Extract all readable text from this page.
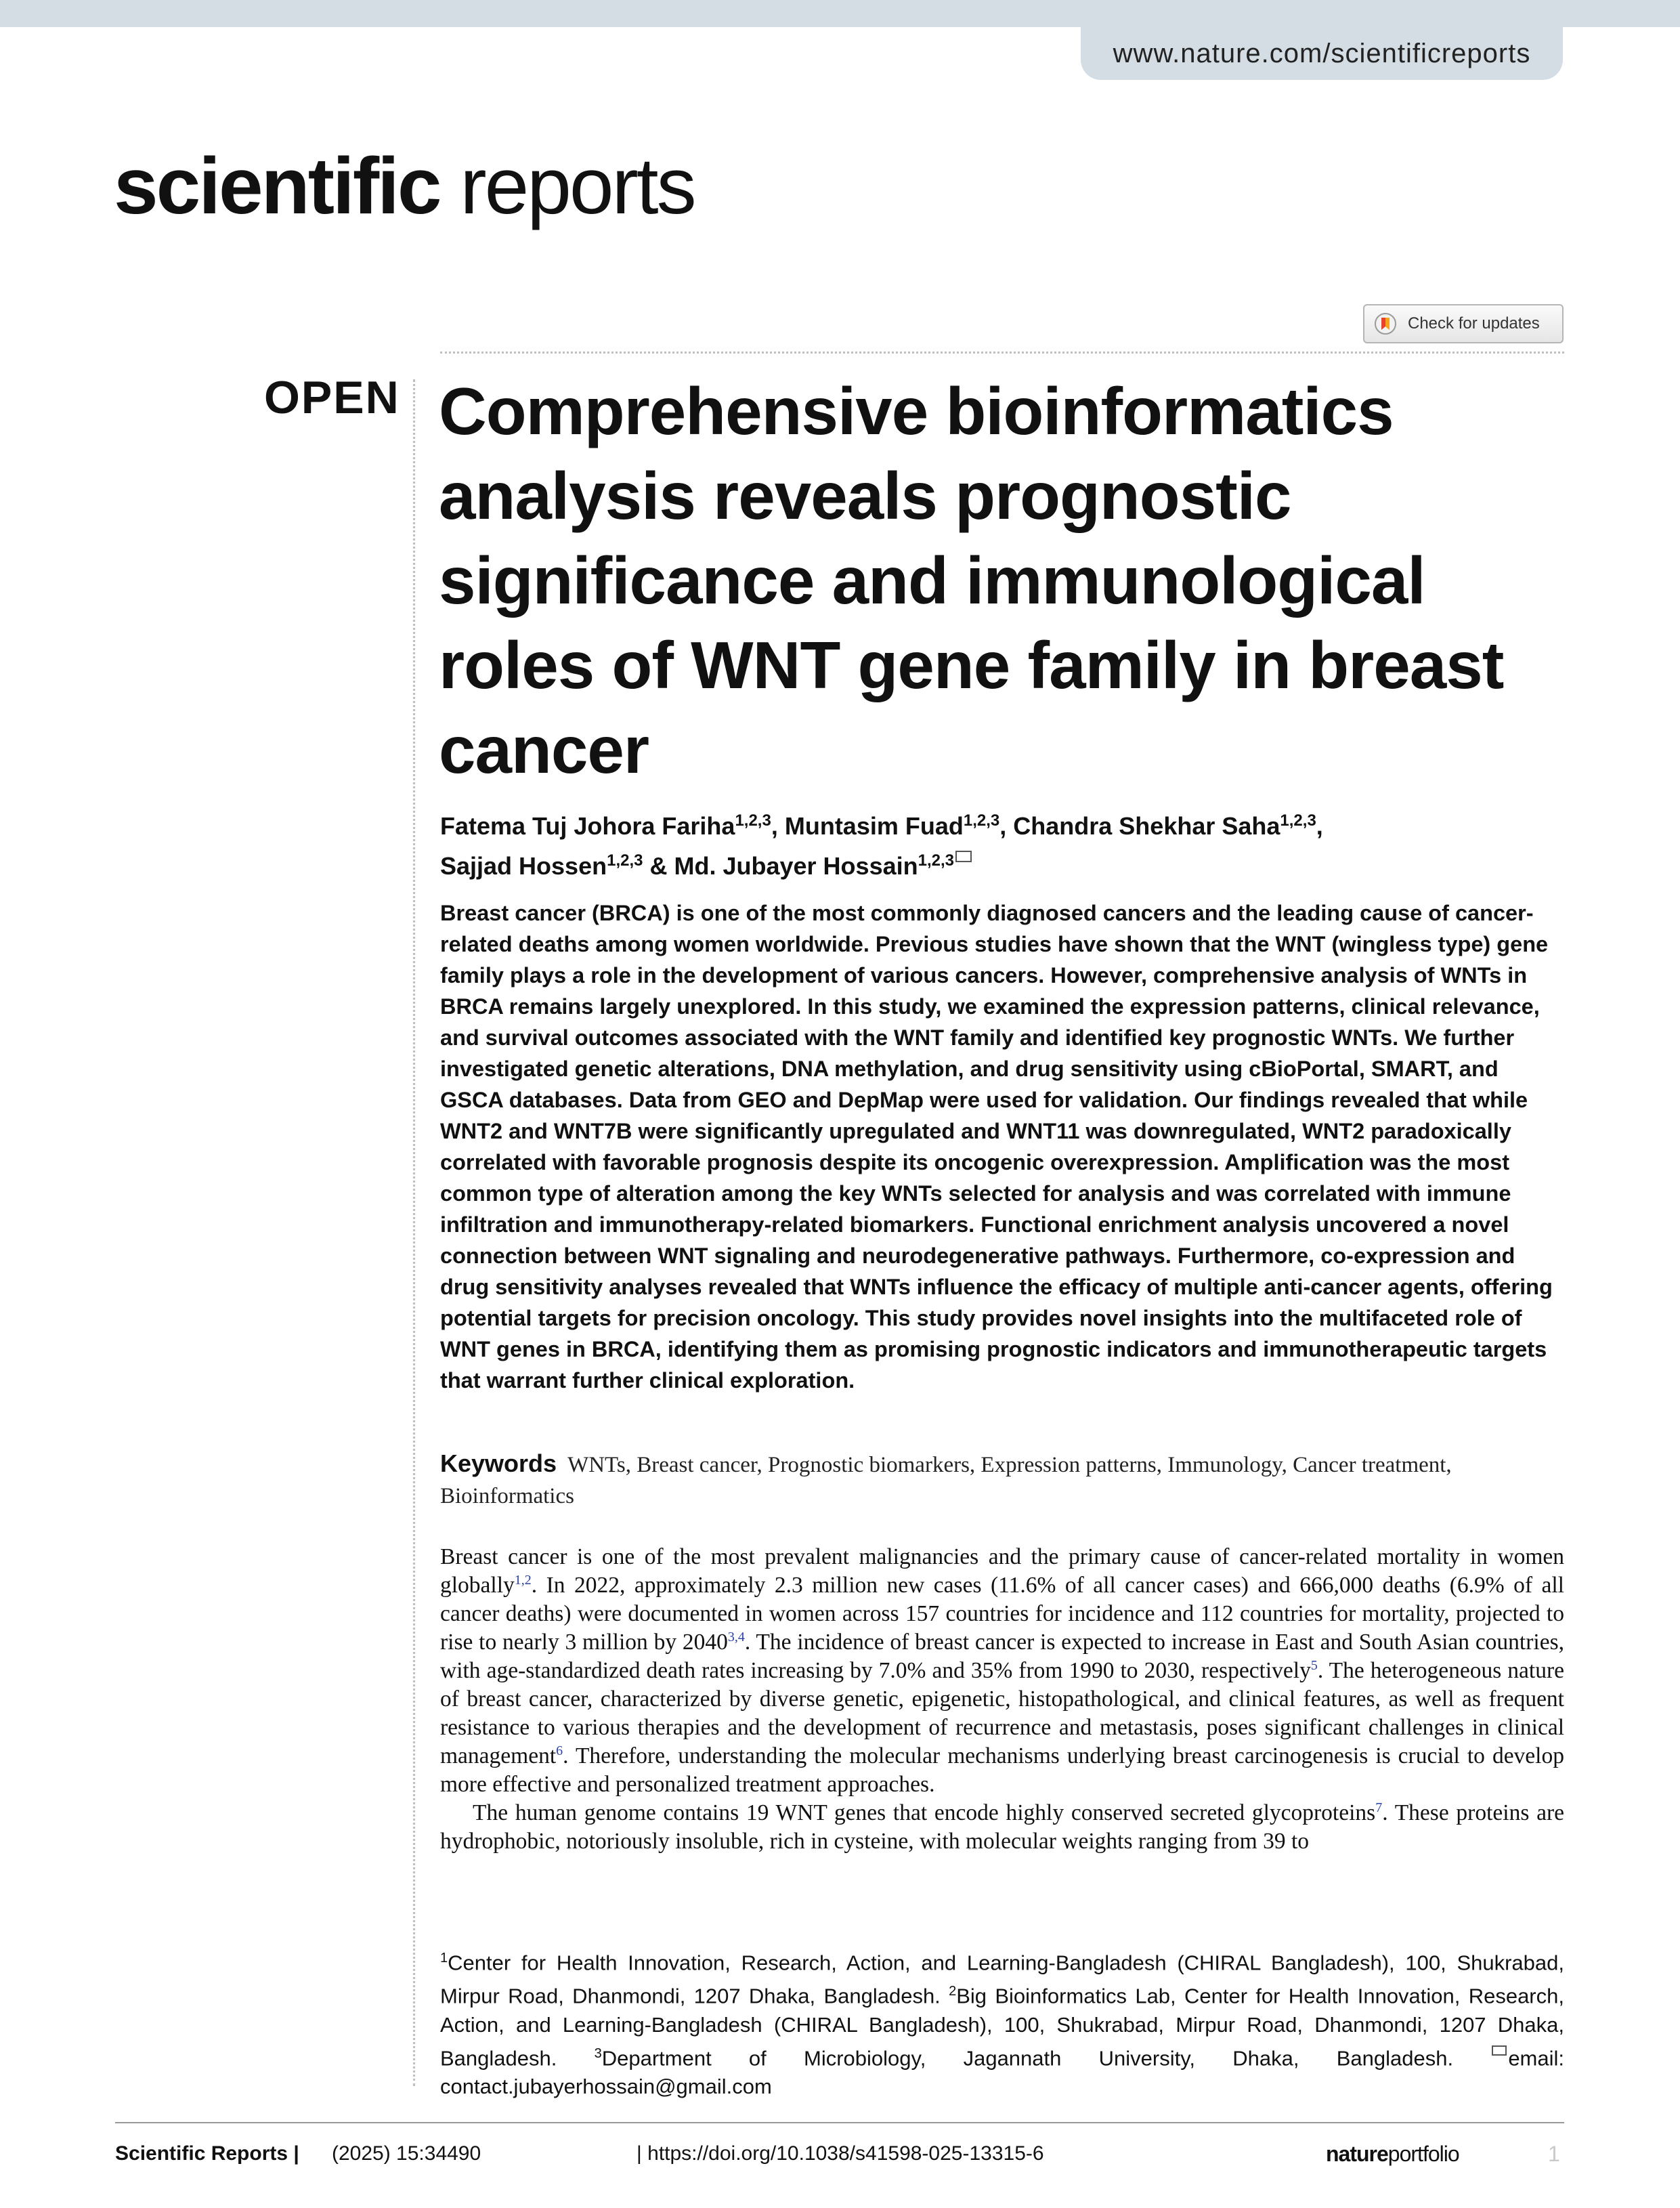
www.nature.com/scientificreports
scientific reports
Check for updates
OPEN Comprehensive bioinformatics analysis reveals prognostic significance and immunological roles of WNT gene family in breast cancer
Fatema Tuj Johora Fariha$^{1,2,3}$, Muntasim Fuad$^{1,2,3}$, Chandra Shekhar Saha$^{1,2,3}$,
Sajjad Hossen$^{1,2,3}$ & Md. Jubayer Hossain$^{1,2,3}$

Breast cancer (BRCA) is one of the most commonly diagnosed cancers and the leading cause of cancer-related deaths among women worldwide. Previous studies have shown that the WNT (wingless type) gene family plays a role in the development of various cancers. However, comprehensive analysis of WNTs in BRCA remains largely unexplored. In this study, we examined the expression patterns, clinical relevance, and survival outcomes associated with the WNT family and identified key prognostic WNTs. We further investigated genetic alterations, DNA methylation, and drug sensitivity using cBioPortal, SMART, and GSCA databases. Data from GEO and DepMap were used for validation. Our findings revealed that while WNT2 and WNT7B were significantly upregulated and WNT11 was downregulated, WNT2 paradoxically correlated with favorable prognosis despite its oncogenic overexpression. Amplification was the most common type of alteration among the key WNTs selected for analysis and was correlated with immune infiltration and immunotherapy-related biomarkers. Functional enrichment analysis uncovered a novel connection between WNT signaling and neurodegenerative pathways. Furthermore, co-expression and drug sensitivity analyses revealed that WNTs influence the efficacy of multiple anti-cancer agents, offering potential targets for precision oncology. This study provides novel insights into the multifaceted role of WNT genes in BRCA, identifying them as promising prognostic indicators and immunotherapeutic targets that warrant further clinical exploration.

Keywords WNTs, Breast cancer, Prognostic biomarkers, Expression patterns, Immunology, Cancer treatment, Bioinformatics

Breast cancer is one of the most prevalent malignancies and the primary cause of cancer-related mortality in women globally$^{1,2}$. In 2022, approximately 2.3 million new cases (11.6% of all cancer cases) and 666,000 deaths (6.9% of all cancer deaths) were documented in women across 157 countries for incidence and 112 countries for mortality, projected to rise to nearly 3 million by 2040$^{3,4}$. The incidence of breast cancer is expected to increase in East and South Asian countries, with age-standardized death rates increasing by 7.0% and 35% from 1990 to 2030, respectively$^5$. The heterogeneous nature of breast cancer, characterized by diverse genetic, epigenetic, histopathological, and clinical features, as well as frequent resistance to various therapies and the development of recurrence and metastasis, poses significant challenges in clinical management$^6$. Therefore, understanding the molecular mechanisms underlying breast carcinogenesis is crucial to develop more effective and personalized treatment approaches.

The human genome contains 19 WNT genes that encode highly conserved secreted glycoproteins$^7$. These proteins are hydrophobic, notoriously insoluble, rich in cysteine, with molecular weights ranging from 39 to

$^1$Center for Health Innovation, Research, Action, and Learning-Bangladesh (CHIRAL Bangladesh), 100, Shukrabad, Mirpur Road, Dhanmondi, 1207 Dhaka, Bangladesh. $^2$Big Bioinformatics Lab, Center for Health Innovation, Research, Action, and Learning-Bangladesh (CHIRAL Bangladesh), 100, Shukrabad, Mirpur Road, Dhanmondi, 1207 Dhaka, Bangladesh. $^3$Department of Microbiology, Jagannath University, Dhaka, Bangladesh. email: contact.jubayerhossain@gmail.com

Scientific Reports | (2025) 15:34490	| https://doi.org/10.1038/s41598-025-13315-6	natureportfolio	1
